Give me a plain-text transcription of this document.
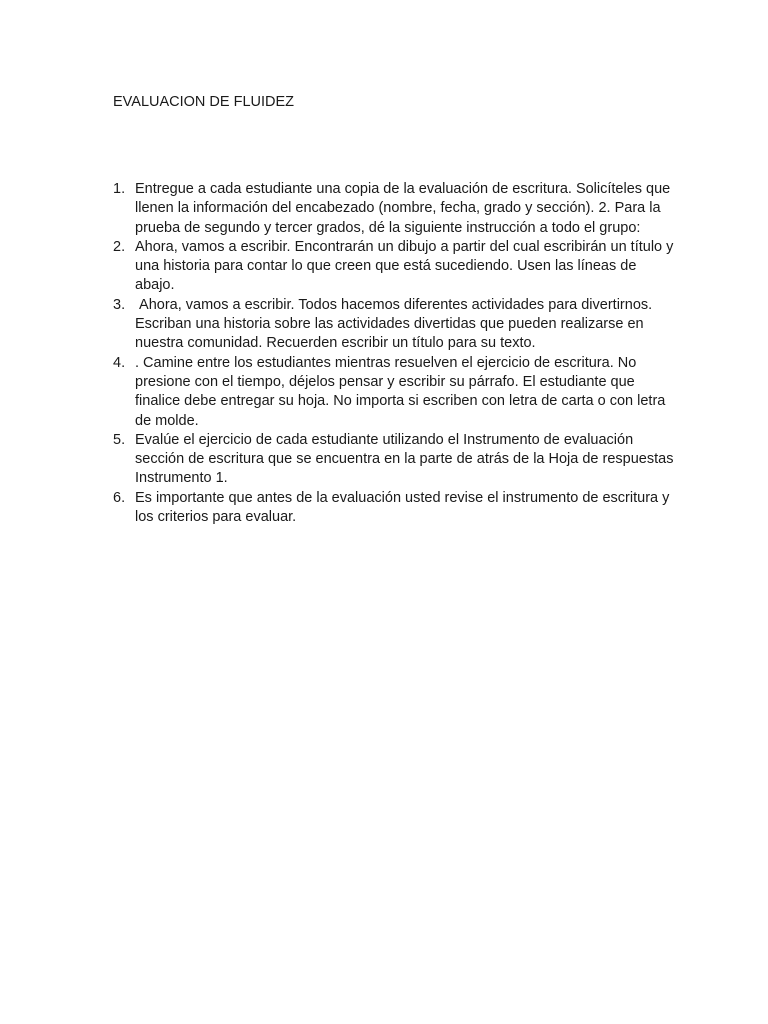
EVALUACION DE FLUIDEZ
1. Entregue a cada estudiante una copia de la evaluación de escritura. Solicíteles que llenen la información del encabezado (nombre, fecha, grado y sección). 2. Para la prueba de segundo y tercer grados, dé la siguiente instrucción a todo el grupo:
2. Ahora, vamos a escribir. Encontrarán un dibujo a partir del cual escribirán un título y una historia para contar lo que creen que está sucediendo. Usen las líneas de abajo.
3. Ahora, vamos a escribir. Todos hacemos diferentes actividades para divertirnos. Escriban una historia sobre las actividades divertidas que pueden realizarse en nuestra comunidad. Recuerden escribir un título para su texto.
4. . Camine entre los estudiantes mientras resuelven el ejercicio de escritura. No presione con el tiempo, déjelos pensar y escribir su párrafo. El estudiante que finalice debe entregar su hoja. No importa si escriben con letra de carta o con letra de molde.
5. Evalúe el ejercicio de cada estudiante utilizando el Instrumento de evaluación sección de escritura que se encuentra en la parte de atrás de la Hoja de respuestas Instrumento 1.
6. Es importante que antes de la evaluación usted revise el instrumento de escritura y los criterios para evaluar.
